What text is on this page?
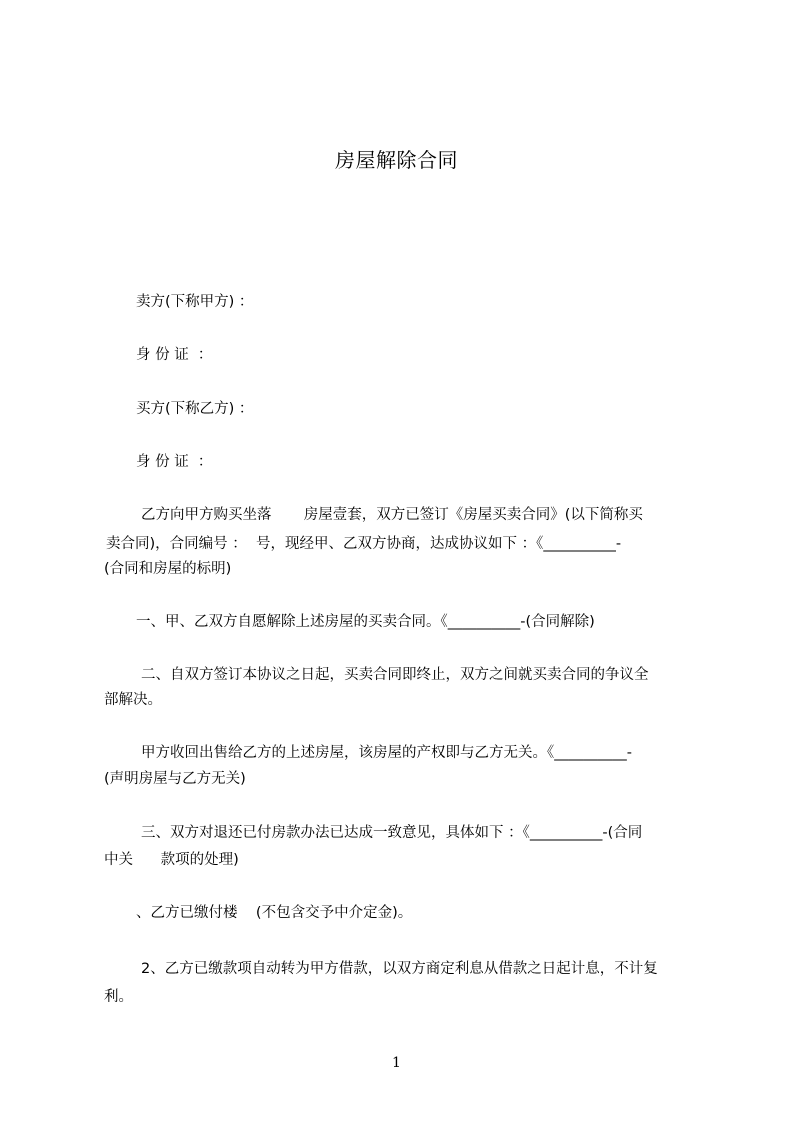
房屋解除合同
卖方(下称甲方) ：
身 份 证  ：
买方(下称乙方) ：
身 份 证  ：
乙方向甲方购买坐落       房屋壹套，双方已签订《房屋买卖合同》(以下简称买
卖合同)，合同编号 ：  号，现经甲、乙双方协商，达成协议如下 ：《__________-
(合同和房屋的标明)
一、甲、乙双方自愿解除上述房屋的买卖合同。《__________-(合同解除)
二、自双方签订本协议之日起，买卖合同即终止，双方之间就买卖合同的争议全
部解决。
甲方收回出售给乙方的上述房屋，该房屋的产权即与乙方无关。《__________-
(声明房屋与乙方无关)
三、双方对退还已付房款办法已达成一致意见，具体如下 ：《__________-(合同
中关      款项的处理)
、乙方已缴付楼    (不包含交予中介定金)。
2、乙方已缴款项自动转为甲方借款，以双方商定利息从借款之日起计息，不计复
利。
1
